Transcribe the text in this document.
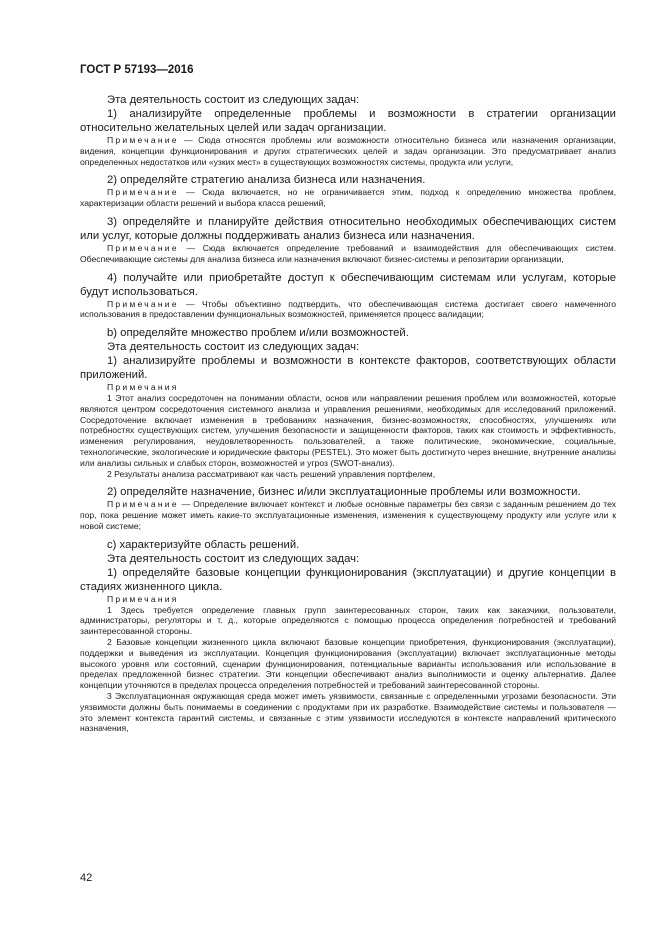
ГОСТ Р 57193—2016
Эта деятельность состоит из следующих задач:
1) анализируйте определенные проблемы и возможности в стратегии организации относительно желательных целей или задач организации.
Примечание — Сюда относятся проблемы или возможности относительно бизнеса или назначения организации, видения, концепции функционирования и других стратегических целей и задач организации. Это предусматривает анализ определенных недостатков или «узких мест» в существующих возможностях системы, продукта или услуги,
2) определяйте стратегию анализа бизнеса или назначения.
Примечание — Сюда включается, но не ограничивается этим, подход к определению множества проблем, характеризации области решений и выбора класса решений,
3) определяйте и планируйте действия относительно необходимых обеспечивающих систем или услуг, которые должны поддерживать анализ бизнеса или назначения.
Примечание — Сюда включается определение требований и взаимодействия для обеспечивающих систем. Обеспечивающие системы для анализа бизнеса или назначения включают бизнес-системы и репозитарии организации,
4) получайте или приобретайте доступ к обеспечивающим системам или услугам, которые будут использоваться.
Примечание — Чтобы объективно подтвердить, что обеспечивающая система достигает своего намеченного использования в предоставлении функциональных возможностей, применяется процесс валидации;
b) определяйте множество проблем и/или возможностей.
Эта деятельность состоит из следующих задач:
1) анализируйте проблемы и возможности в контексте факторов, соответствующих области приложений.
Примечания
1 Этот анализ сосредоточен на понимании области, основ или направлении решения проблем или возможностей, которые являются центром сосредоточения системного анализа и управления решениями, необходимых для исследований приложений. Сосредоточение включает изменения в требованиях назначения, бизнес-возможностях, способностях, улучшениях или потребностях существующих систем, улучшения безопасности и защищенности факторов, таких как стоимость и эффективность, изменения регулирования, неудовлетворенность пользователей, а также политические, экономические, социальные, технологические, экологические и юридические факторы (PESTEL). Это может быть достигнуто через внешние, внутренние анализы или анализы сильных и слабых сторон, возможностей и угроз (SWOT-анализ).
2 Результаты анализа рассматривают как часть решений управления портфелем,
2) определяйте назначение, бизнес и/или эксплуатационные проблемы или возможности.
Примечание — Определение включает контекст и любые основные параметры без связи с заданным решением до тех пор, пока решение может иметь какие-то эксплуатационные изменения, изменения к существующему продукту или услуге или к новой системе;
c) характеризуйте область решений.
Эта деятельность состоит из следующих задач:
1) определяйте базовые концепции функционирования (эксплуатации) и другие концепции в стадиях жизненного цикла.
Примечания
1 Здесь требуется определение главных групп заинтересованных сторон, таких как заказчики, пользователи, администраторы, регуляторы и т. д., которые определяются с помощью процесса определения потребностей и требований заинтересованной стороны.
2 Базовые концепции жизненного цикла включают базовые концепции приобретения, функционирования (эксплуатации), поддержки и выведения из эксплуатации. Концепция функционирования (эксплуатации) включает эксплуатационные методы высокого уровня или состояний, сценарии функционирования, потенциальные варианты использования или использование в пределах предложенной бизнес стратегии. Эти концепции обеспечивают анализ выполнимости и оценку альтернатив. Далее концепции уточняются в пределах процесса определения потребностей и требований заинтересованной стороны.
3 Эксплуатационная окружающая среда может иметь уязвимости, связанные с определенными угрозами безопасности. Эти уязвимости должны быть понимаемы в соединении с продуктами при их разработке. Взаимодействие системы и пользователя — это элемент контекста гарантий системы, и связанные с этим уязвимости исследуются в контексте направлений критического назначения,
42
